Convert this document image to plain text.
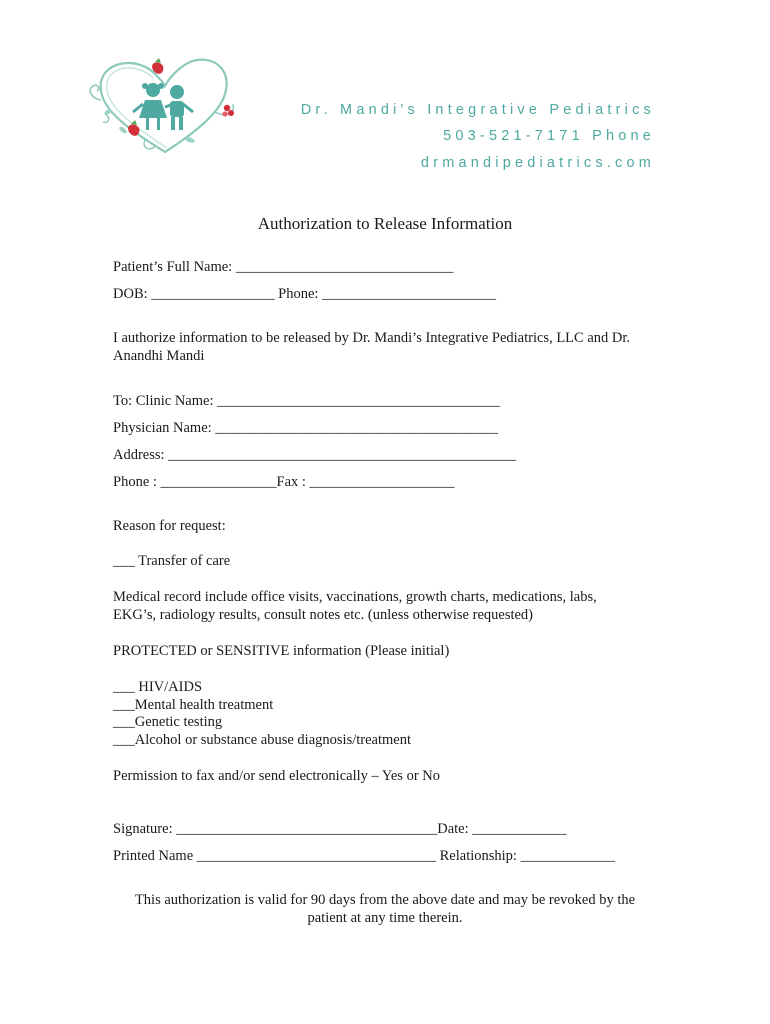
Dr. Mandi's Integrative Pediatrics
503-521-7171 Phone
drmandipediatrics.com
Authorization to Release Information
Patient’s Full Name: ______________________________
DOB: _________________ Phone: ________________________
I authorize information to be released by Dr. Mandi’s Integrative Pediatrics, LLC and Dr.
Anandhi Mandi
To: Clinic Name: _______________________________________
Physician Name: _______________________________________
Address: ________________________________________________
Phone : ________________Fax : ____________________
Reason for request:
___ Transfer of care
Medical record include office visits, vaccinations, growth charts, medications, labs,
EKG’s, radiology results, consult notes etc. (unless otherwise requested)
PROTECTED or SENSITIVE information (Please initial)
___ HIV/AIDS
___Mental health treatment
___Genetic testing
___Alcohol or substance abuse diagnosis/treatment
Permission to fax and/or send electronically – Yes or No
Signature: ____________________________________Date: _____________
Printed Name _________________________________ Relationship: _____________
This authorization is valid for 90 days from the above date and may be revoked by the
patient at any time therein.
